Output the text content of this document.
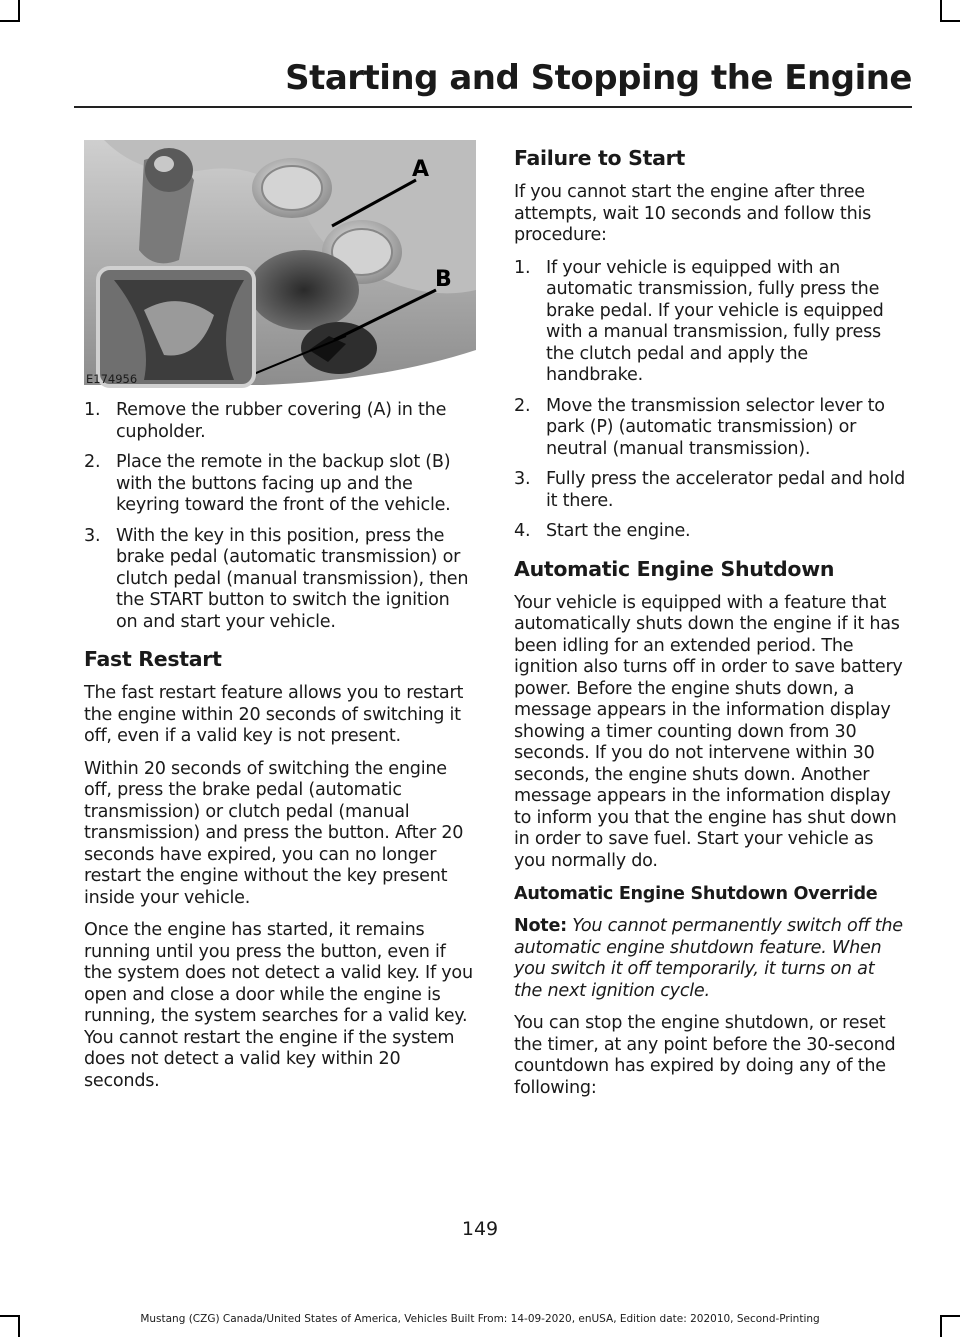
Starting and Stopping the Engine
A
B
E174956
1. Remove the rubber covering (A) in the cupholder.
2. Place the remote in the backup slot (B) with the buttons facing up and the keyring toward the front of the vehicle.
3. With the key in this position, press the brake pedal (automatic transmission) or clutch pedal (manual transmission), then the START button to switch the ignition on and start your vehicle.
Fast Restart

The fast restart feature allows you to restart the engine within 20 seconds of switching it off, even if a valid key is not present.

Within 20 seconds of switching the engine off, press the brake pedal (automatic transmission) or clutch pedal (manual transmission) and press the button. After 20 seconds have expired, you can no longer restart the engine without the key present inside your vehicle.

Once the engine has started, it remains running until you press the button, even if the system does not detect a valid key. If you open and close a door while the engine is running, the system searches for a valid key. You cannot restart the engine if the system does not detect a valid key within 20 seconds.

Failure to Start

If you cannot start the engine after three attempts, wait 10 seconds and follow this procedure:

1. If your vehicle is equipped with an automatic transmission, fully press the brake pedal. If your vehicle is equipped with a manual transmission, fully press the clutch pedal and apply the handbrake.
2. Move the transmission selector lever to park (P) (automatic transmission) or neutral (manual transmission).
3. Fully press the accelerator pedal and hold it there.
4. Start the engine.
Automatic Engine Shutdown

Your vehicle is equipped with a feature that automatically shuts down the engine if it has been idling for an extended period. The ignition also turns off in order to save battery power. Before the engine shuts down, a message appears in the information display showing a timer counting down from 30 seconds. If you do not intervene within 30 seconds, the engine shuts down. Another message appears in the information display to inform you that the engine has shut down in order to save fuel. Start your vehicle as you normally do.

Automatic Engine Shutdown Override

Note: You cannot permanently switch off the automatic engine shutdown feature. When you switch it off temporarily, it turns on at the next ignition cycle.

You can stop the engine shutdown, or reset the timer, at any point before the 30-second countdown has expired by doing any of the following:

149
Mustang (CZG) Canada/United States of America, Vehicles Built From: 14-09-2020, enUSA, Edition date: 202010, Second-Printing
